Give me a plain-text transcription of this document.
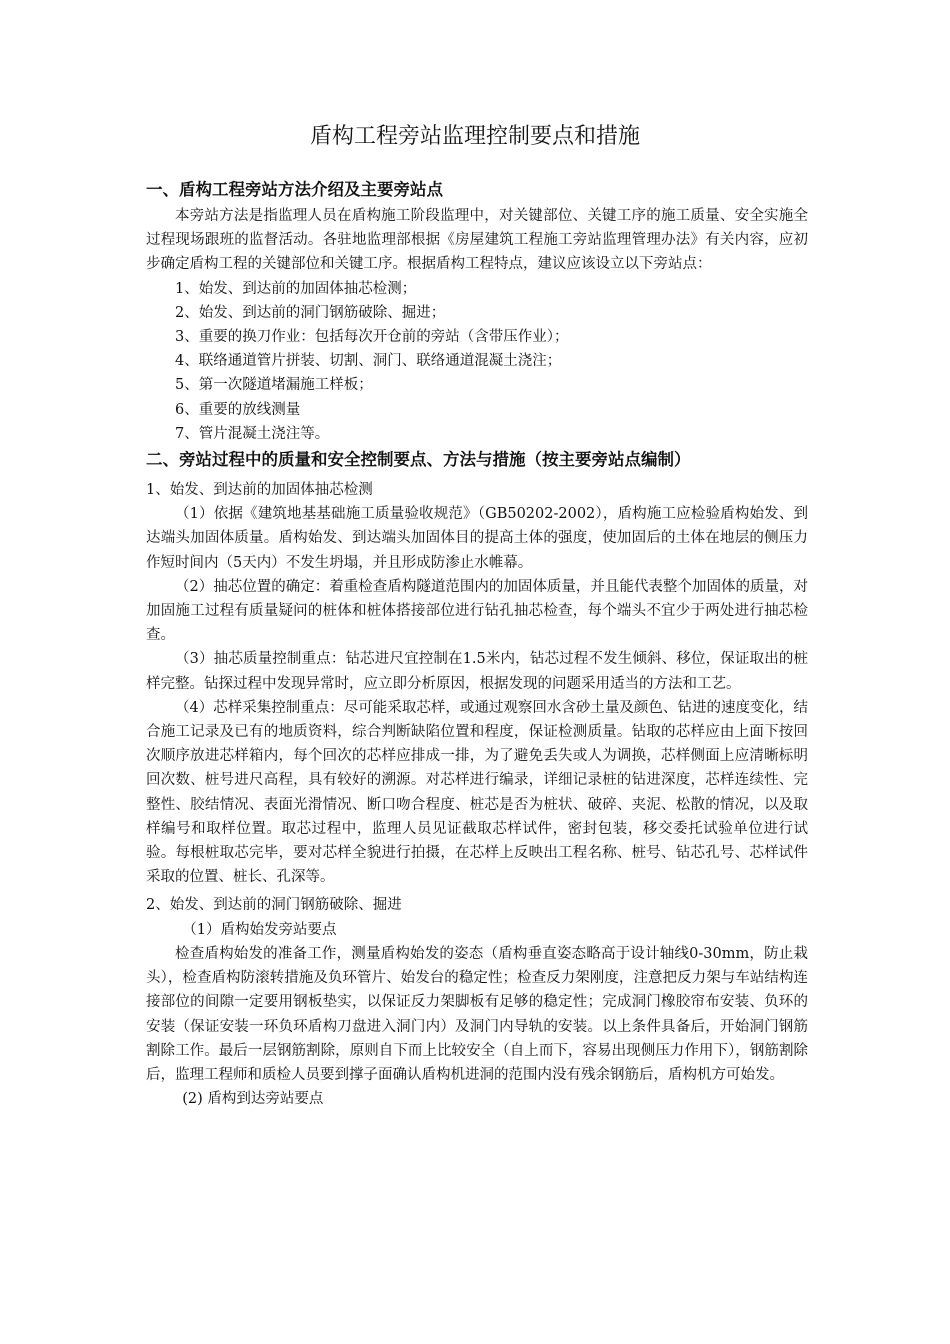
盾构工程旁站监理控制要点和措施
一、盾构工程旁站方法介绍及主要旁站点

本旁站方法是指监理人员在盾构施工阶段监理中，对关键部位、关键工序的施工质量、安全实施全过程现场跟班的监督活动。各驻地监理部根据《房屋建筑工程施工旁站监理管理办法》有关内容，应初步确定盾构工程的关键部位和关键工序。根据盾构工程特点，建议应该设立以下旁站点：

1、始发、到达前的加固体抽芯检测；
2、始发、到达前的洞门钢筋破除、掘进；
3、重要的换刀作业：包括每次开仓前的旁站（含带压作业）；
4、联络通道管片拼装、切割、洞门、联络通道混凝土浇注；
5、第一次隧道堵漏施工样板；
6、重要的放线测量
7、管片混凝土浇注等。
二、旁站过程中的质量和安全控制要点、方法与措施（按主要旁站点编制）
1、始发、到达前的加固体抽芯检测

（1）依据《建筑地基基础施工质量验收规范》（GB50202-2002），盾构施工应检验盾构始发、到达端头加固体质量。盾构始发、到达端头加固体目的提高土体的强度，使加固后的土体在地层的侧压力作短时间内（5天内）不发生坍塌，并且形成防渗止水帷幕。

（2）抽芯位置的确定：着重检查盾构隧道范围内的加固体质量，并且能代表整个加固体的质量，对加固施工过程有质量疑问的桩体和桩体搭接部位进行钻孔抽芯检查，每个端头不宜少于两处进行抽芯检查。

（3）抽芯质量控制重点：钻芯进尺宜控制在1.5米内，钻芯过程不发生倾斜、移位，保证取出的桩样完整。钻探过程中发现异常时，应立即分析原因，根据发现的问题采用适当的方法和工艺。

（4）芯样采集控制重点：尽可能采取芯样，或通过观察回水含砂土量及颜色、钻进的速度变化，结合施工记录及已有的地质资料，综合判断缺陷位置和程度，保证检测质量。钻取的芯样应由上面下按回次顺序放进芯样箱内，每个回次的芯样应排成一排，为了避免丢失或人为调换，芯样侧面上应清晰标明回次数、桩号进尺高程，具有较好的溯源。对芯样进行编录，详细记录桩的钻进深度，芯样连续性、完整性、胶结情况、表面光滑情况、断口吻合程度、桩芯是否为桩状、破碎、夹泥、松散的情况，以及取样编号和取样位置。取芯过程中，监理人员见证截取芯样试件，密封包装，移交委托试验单位进行试验。每根桩取芯完毕，要对芯样全貌进行拍摄，在芯样上反映出工程名称、桩号、钻芯孔号、芯样试件采取的位置、桩长、孔深等。

2、始发、到达前的洞门钢筋破除、掘进
（1）盾构始发旁站要点

检查盾构始发的准备工作，测量盾构始发的姿态（盾构垂直姿态略高于设计轴线0-30mm，防止栽头），检查盾构防滚转措施及负环管片、始发台的稳定性；检查反力架刚度，注意把反力架与车站结构连接部位的间隙一定要用钢板垫实，以保证反力架脚板有足够的稳定性；完成洞门橡胶帘布安装、负环的安装（保证安装一环负环盾构刀盘进入洞门内）及洞门内导轨的安装。以上条件具备后，开始洞门钢筋割除工作。最后一层钢筋割除，原则自下而上比较安全（自上而下，容易出现侧压力作用下），钢筋割除后，监理工程师和质检人员要到撑子面确认盾构机进洞的范围内没有残余钢筋后，盾构机方可始发。

(2) 盾构到达旁站要点
